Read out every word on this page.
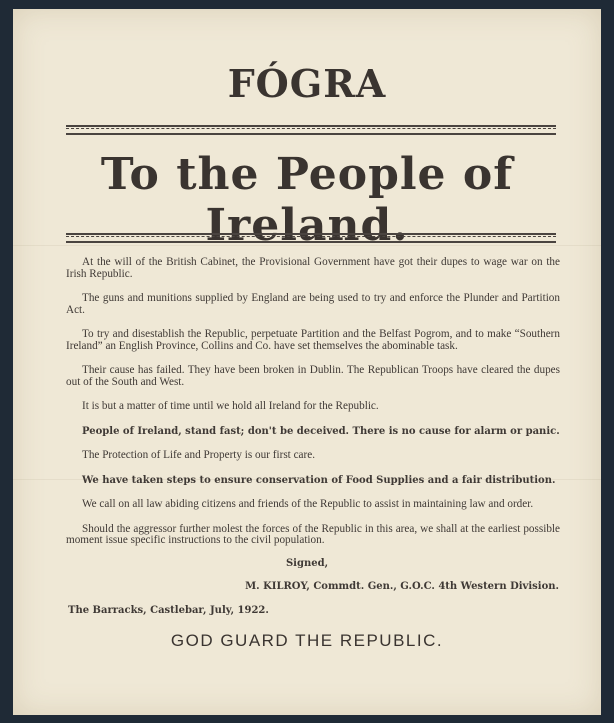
FÓGRA
To the People of Ireland.

At the will of the British Cabinet, the Provisional Government have got their dupes to wage war on the Irish Republic.

The guns and munitions supplied by England are being used to try and enforce the Plunder and Partition Act.

To try and disestablish the Republic, perpetuate Partition and the Belfast Pogrom, and to make “Southern Ireland” an English Province, Collins and Co. have set themselves the abominable task.

Their cause has failed. They have been broken in Dublin. The Republican Troops have cleared the dupes out of the South and West.

It is but a matter of time until we hold all Ireland for the Republic.

People of Ireland, stand fast; don't be deceived. There is no cause for alarm or panic.

The Protection of Life and Property is our first care.

We have taken steps to ensure conservation of Food Supplies and a fair distribution.

We call on all law abiding citizens and friends of the Republic to assist in maintaining law and order.

Should the aggressor further molest the forces of the Republic in this area, we shall at the earliest possible moment issue specific instructions to the civil population.

Signed,
M. KILROY, Commdt. Gen., G.O.C. 4th Western Division.
The Barracks, Castlebar, July, 1922.
GOD GUARD THE REPUBLIC.
